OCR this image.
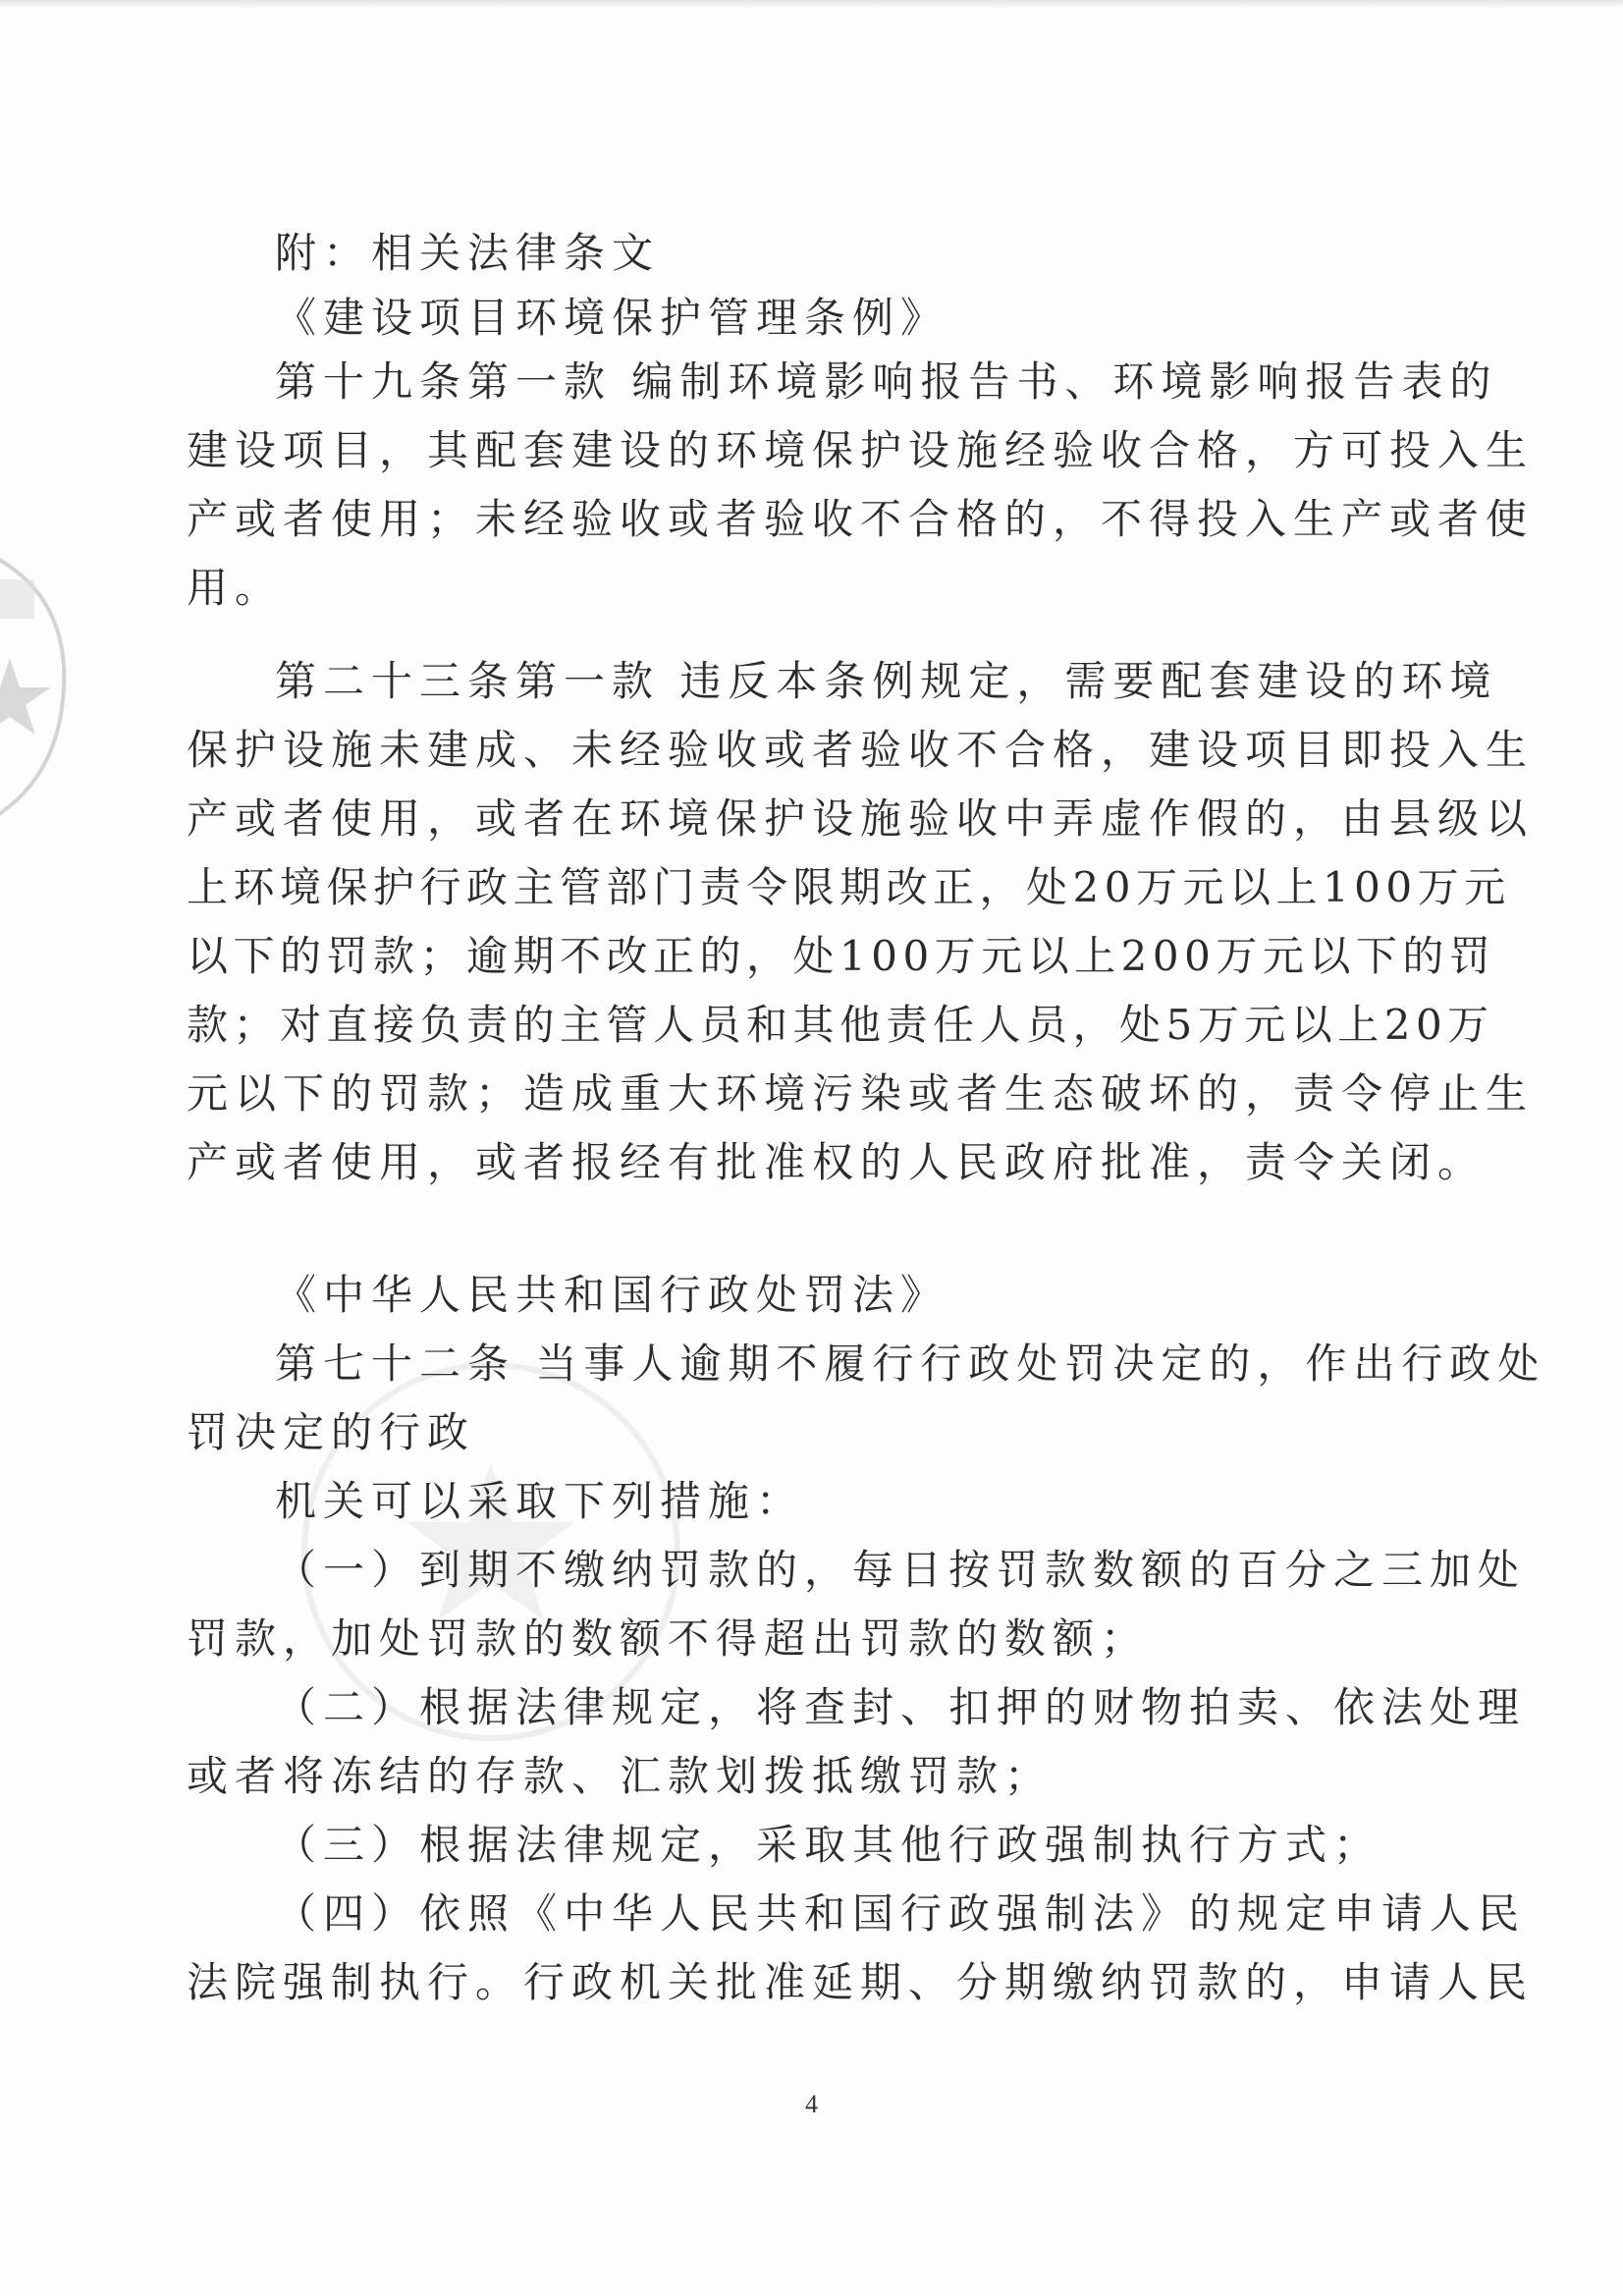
附：相关法律条文
《建设项目环境保护管理条例》
第十九条第一款 编制环境影响报告书、环境影响报告表的
建设项目，其配套建设的环境保护设施经验收合格，方可投入生
产或者使用；未经验收或者验收不合格的，不得投入生产或者使
用。
第二十三条第一款 违反本条例规定，需要配套建设的环境
保护设施未建成、未经验收或者验收不合格，建设项目即投入生
产或者使用，或者在环境保护设施验收中弄虚作假的，由县级以
上环境保护行政主管部门责令限期改正，处20万元以上100万元
以下的罚款；逾期不改正的，处100万元以上200万元以下的罚
款；对直接负责的主管人员和其他责任人员，处5万元以上20万
元以下的罚款；造成重大环境污染或者生态破坏的，责令停止生
产或者使用，或者报经有批准权的人民政府批准，责令关闭。
《中华人民共和国行政处罚法》
第七十二条 当事人逾期不履行行政处罚决定的，作出行政处
罚决定的行政
机关可以采取下列措施：
（一）到期不缴纳罚款的，每日按罚款数额的百分之三加处
罚款，加处罚款的数额不得超出罚款的数额；
（二）根据法律规定，将查封、扣押的财物拍卖、依法处理
或者将冻结的存款、汇款划拨抵缴罚款；
（三）根据法律规定，采取其他行政强制执行方式；
（四）依照《中华人民共和国行政强制法》的规定申请人民
法院强制执行。行政机关批准延期、分期缴纳罚款的，申请人民
4
